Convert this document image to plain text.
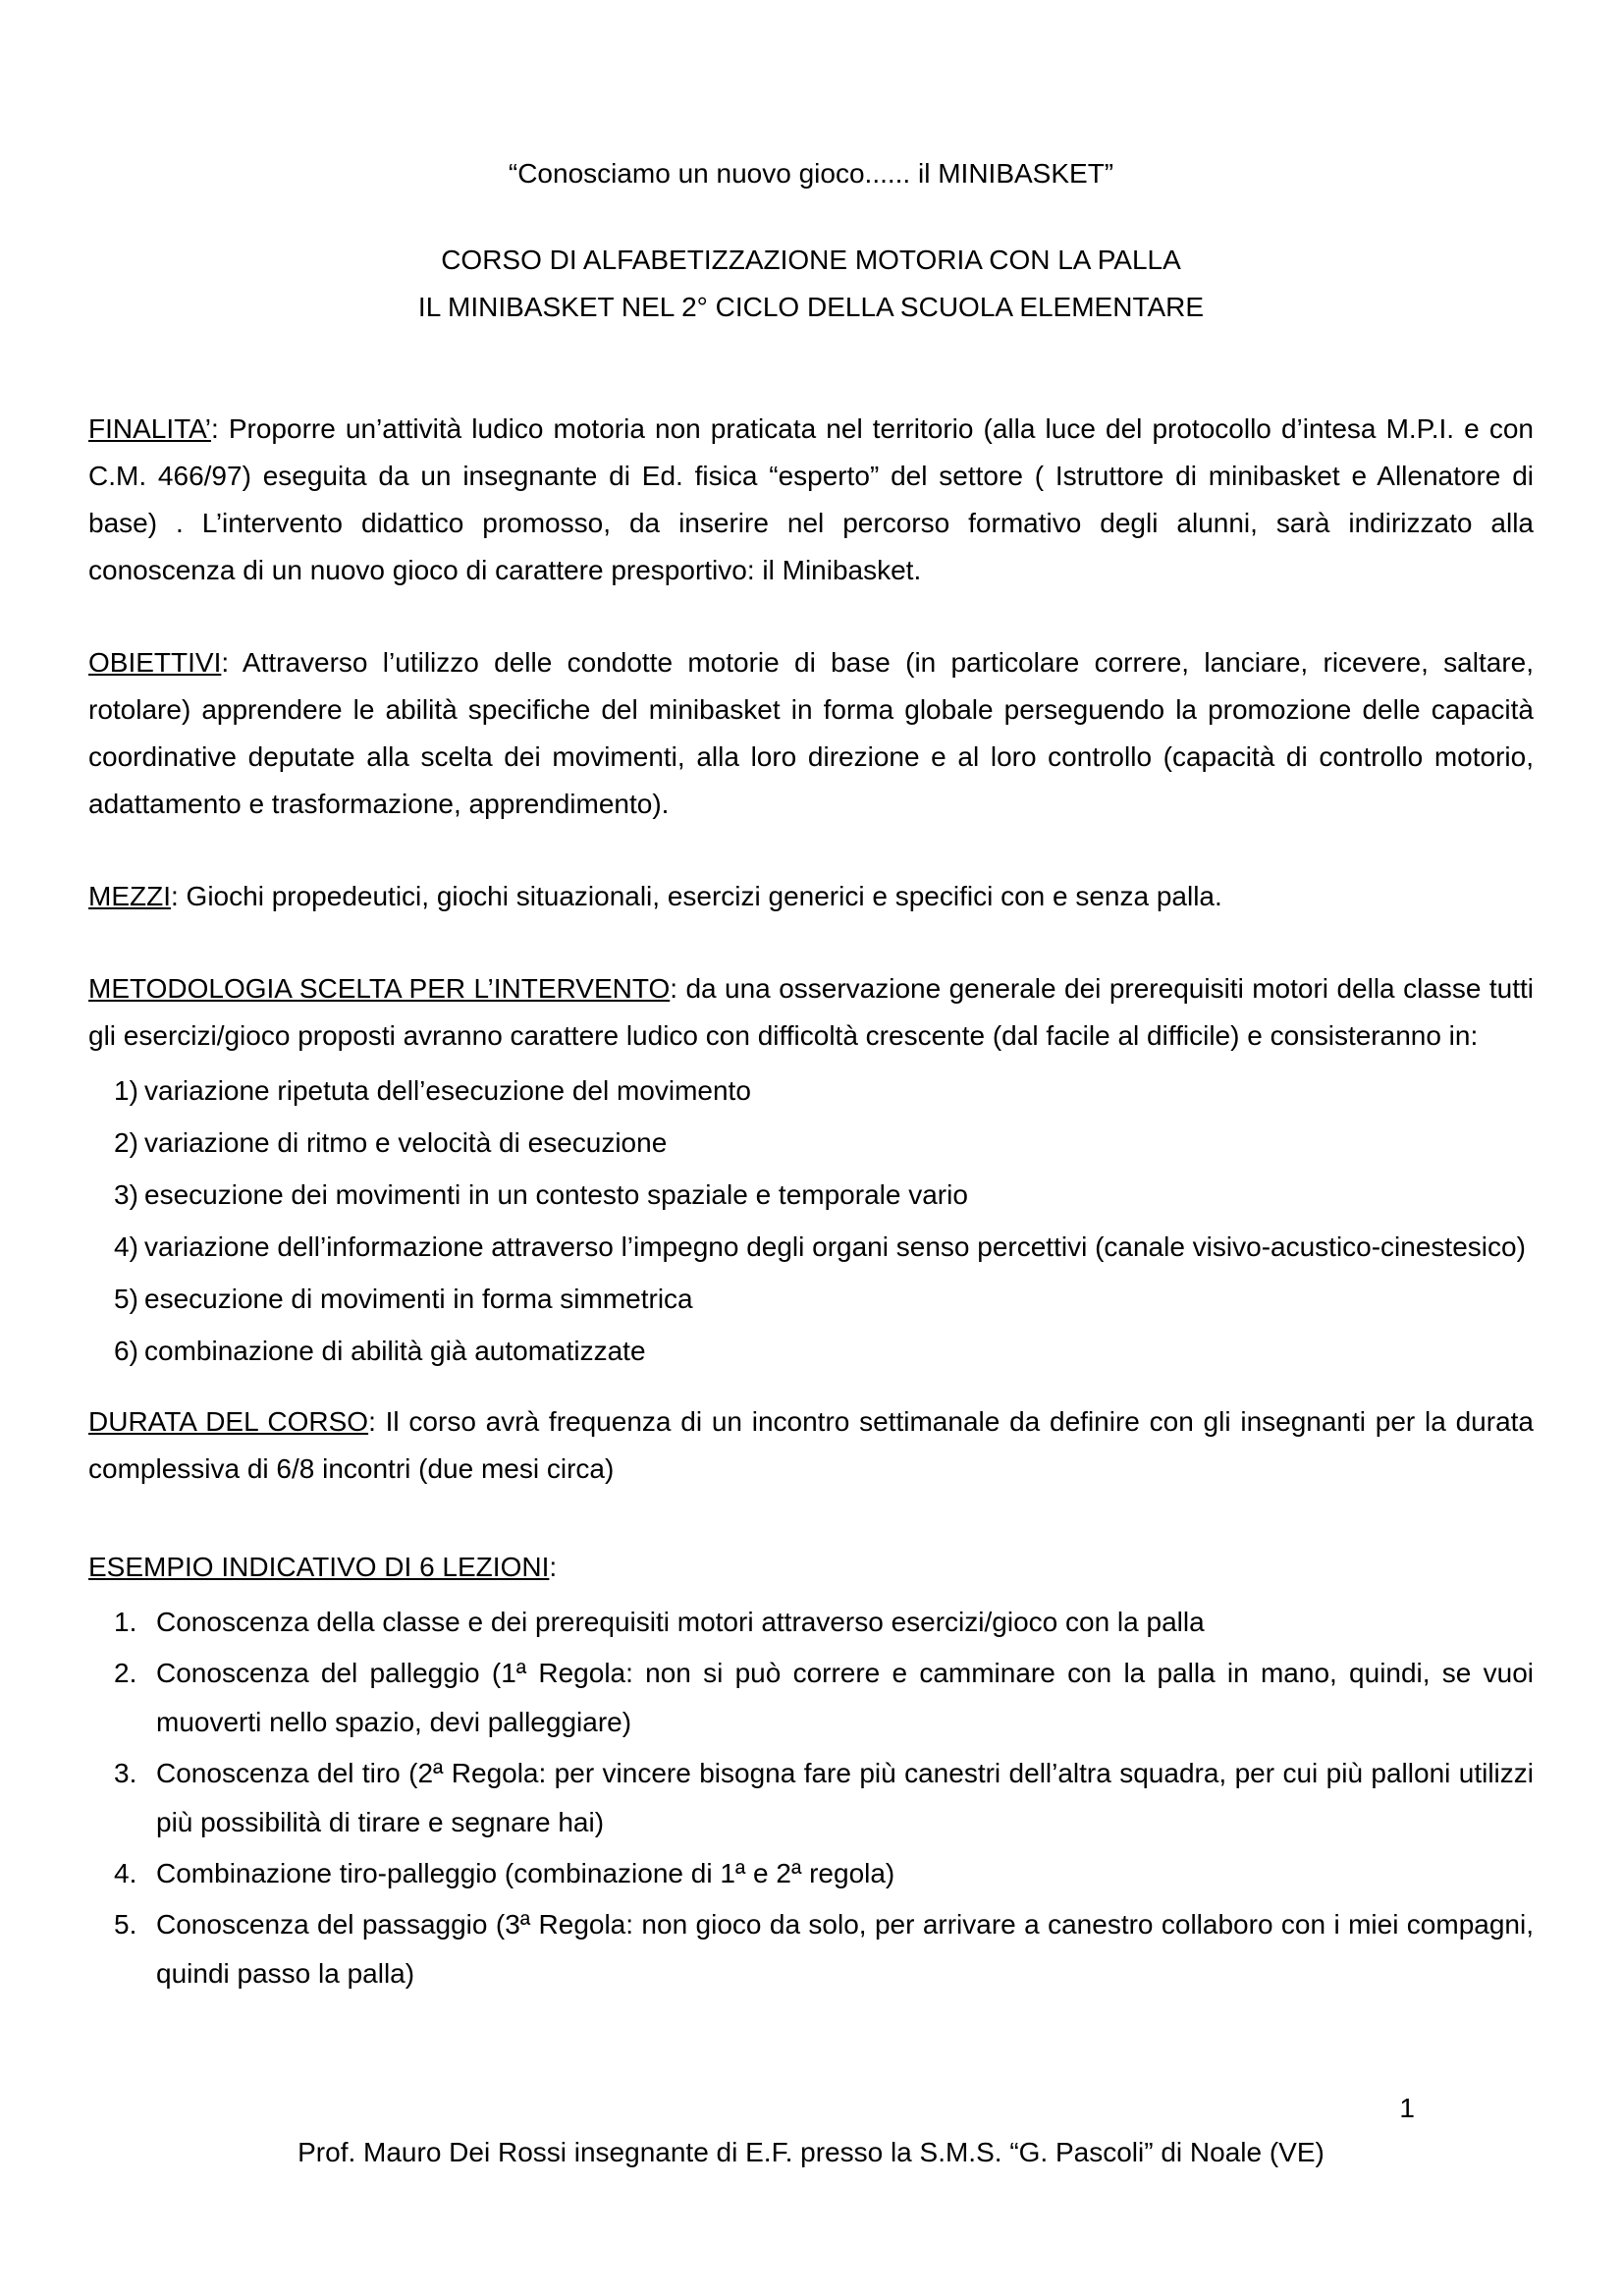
“Conosciamo un nuovo gioco...... il MINIBASKET”

CORSO DI ALFABETIZZAZIONE MOTORIA CON LA PALLA
IL MINIBASKET NEL 2° CICLO DELLA SCUOLA ELEMENTARE

FINALITA’: Proporre un’attività ludico motoria non praticata nel territorio (alla luce del protocollo d’intesa M.P.I. e con C.M. 466/97) eseguita da un insegnante di Ed. fisica “esperto” del settore ( Istruttore di minibasket e Allenatore di base) . L’intervento didattico promosso, da inserire nel percorso formativo degli alunni, sarà indirizzato alla conoscenza di un nuovo gioco di carattere presportivo: il Minibasket.

OBIETTIVI: Attraverso l’utilizzo delle condotte motorie di base (in particolare correre, lanciare, ricevere, saltare, rotolare) apprendere le abilità specifiche del minibasket in forma globale perseguendo la promozione delle capacità coordinative deputate alla scelta dei movimenti, alla loro direzione e al loro controllo (capacità di controllo motorio, adattamento e trasformazione, apprendimento).

MEZZI: Giochi propedeutici, giochi situazionali, esercizi generici e specifici con e senza palla.

METODOLOGIA SCELTA PER L’INTERVENTO: da una osservazione generale dei prerequisiti motori della classe tutti gli esercizi/gioco proposti avranno carattere ludico con difficoltà crescente (dal facile al difficile) e consisteranno in:

1) variazione ripetuta dell’esecuzione del movimento
2) variazione di ritmo e velocità di esecuzione
3) esecuzione dei movimenti in un contesto spaziale e temporale vario
4) variazione dell’informazione attraverso l’impegno degli organi senso percettivi (canale visivo-acustico-cinestesico)
5) esecuzione di movimenti in forma simmetrica
6) combinazione di abilità già automatizzate

DURATA DEL CORSO: Il corso avrà frequenza di un incontro settimanale da definire con gli insegnanti per la durata complessiva di 6/8 incontri (due mesi circa)

ESEMPIO INDICATIVO DI 6 LEZIONI:

1. Conoscenza della classe e dei prerequisiti motori attraverso esercizi/gioco con la palla
2. Conoscenza del palleggio (1ª Regola: non si può correre e camminare con la palla in mano, quindi, se vuoi muoverti nello spazio, devi palleggiare)
3. Conoscenza del tiro (2ª Regola: per vincere bisogna fare più canestri dell’altra squadra, per cui più palloni utilizzi più possibilità di tirare e segnare hai)
4. Combinazione tiro-palleggio (combinazione di 1ª e 2ª regola)
5. Conoscenza del passaggio (3ª Regola: non gioco da solo, per arrivare a canestro collaboro con i miei compagni, quindi passo la palla)
1
Prof. Mauro Dei Rossi insegnante di E.F. presso la S.M.S. “G. Pascoli” di Noale (VE)
